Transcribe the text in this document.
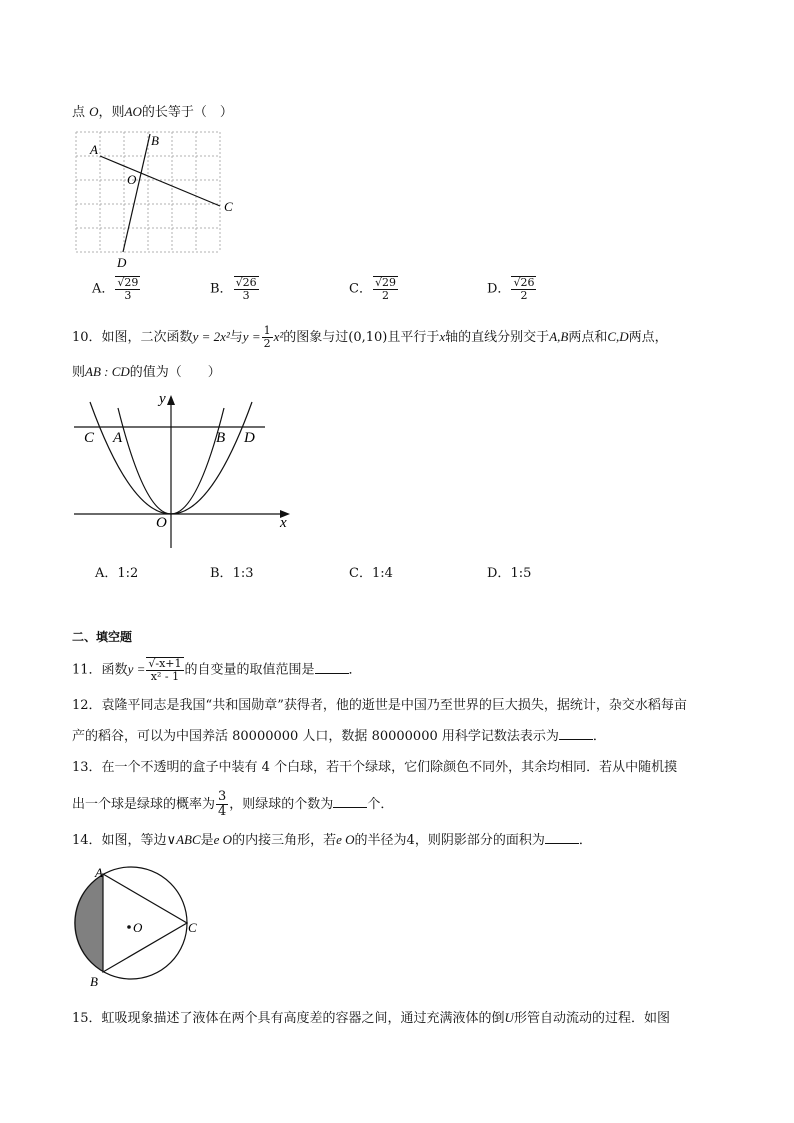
点 O，则AO的长等于（　）
A
B
O
C
D
A． $\frac{√29}{3}$	B． $\frac{√26}{3}$	C． $\frac{√29}{2}$	D． $\frac{√26}{2}$
10．如图，二次函数y = 2x²与$y = \frac{1}{2} x^2$的图象与过(0,10)且平行于x轴的直线分别交于A,B两点和C,D两点，
则AB : CD的值为（　　）
y
x
O
C A	B D
A．1:2	B．1:3	C．1:4	D．1:5
二、填空题
11．函数$y = \frac{√-x+1}{\text{x² - 1}}$ 的自变量的取值范围是	．
12．袁隆平同志是我国“共和国勋章”获得者，他的逝世是中国乃至世界的巨大损失，据统计，杂交水稻每亩
产的稻谷，可以为中国养活 80000000 人口，数据 80000000 用科学记数法表示为	．
13．在一个不透明的盒子中装有 4 个白球，若干个绿球，它们除颜色不同外，其余均相同．若从中随机摸
出一个球是绿球的概率为 $\frac{3}{4}$ ，则绿球的个数为	个．
14．如图，等边∨ABC是e O的内接三角形，若e O的半径为4，则阴影部分的面积为	．
A
B
C
O
15．虹吸现象描述了液体在两个具有高度差的容器之间，通过充满液体的倒U形管自动流动的过程．如图
